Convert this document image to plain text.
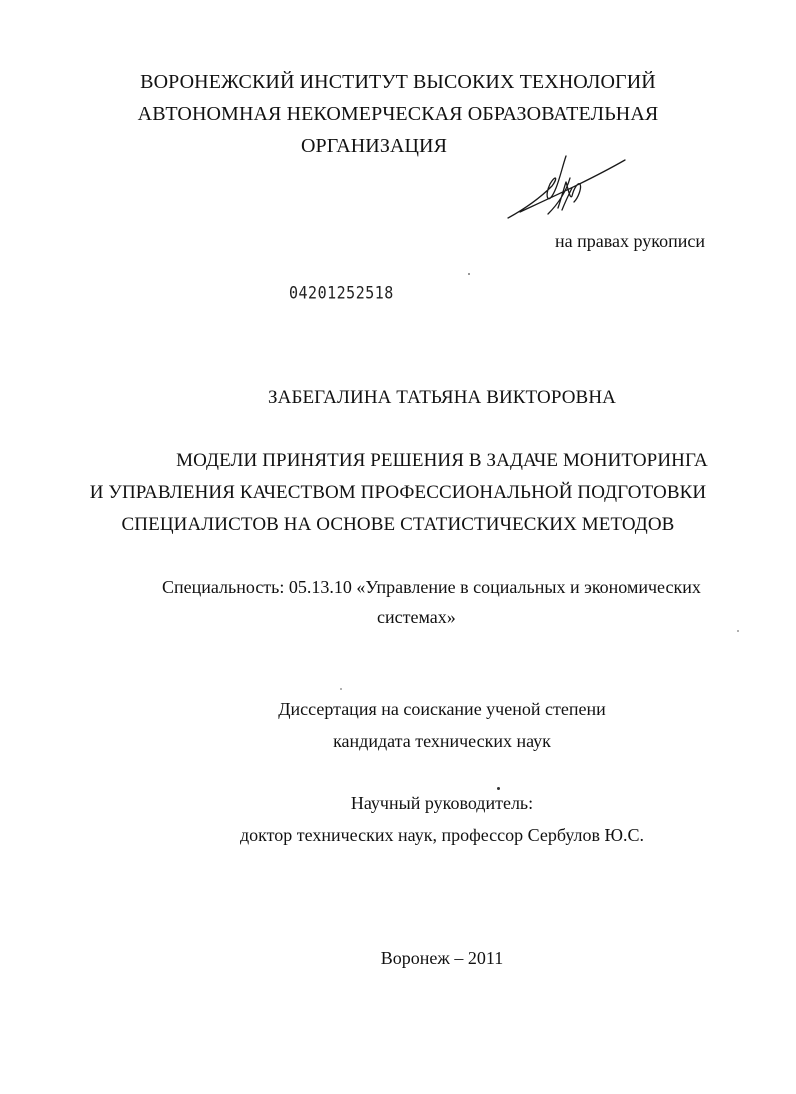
ВОРОНЕЖСКИЙ ИНСТИТУТ ВЫСОКИХ ТЕХНОЛОГИЙ
АВТОНОМНАЯ НЕКОМЕРЧЕСКАЯ ОБРАЗОВАТЕЛЬНАЯ
ОРГАНИЗАЦИЯ
на правах рукописи
04201252518
ЗАБЕГАЛИНА ТАТЬЯНА ВИКТОРОВНА
МОДЕЛИ ПРИНЯТИЯ РЕШЕНИЯ В ЗАДАЧЕ МОНИТОРИНГА
И УПРАВЛЕНИЯ КАЧЕСТВОМ ПРОФЕССИОНАЛЬНОЙ ПОДГОТОВКИ
СПЕЦИАЛИСТОВ НА ОСНОВЕ СТАТИСТИЧЕСКИХ МЕТОДОВ
Специальность: 05.13.10 «Управление в социальных и экономических
системах»
Диссертация на соискание ученой степени
кандидата технических наук
Научный руководитель:
доктор технических наук, профессор Сербулов Ю.С.
Воронеж – 2011
